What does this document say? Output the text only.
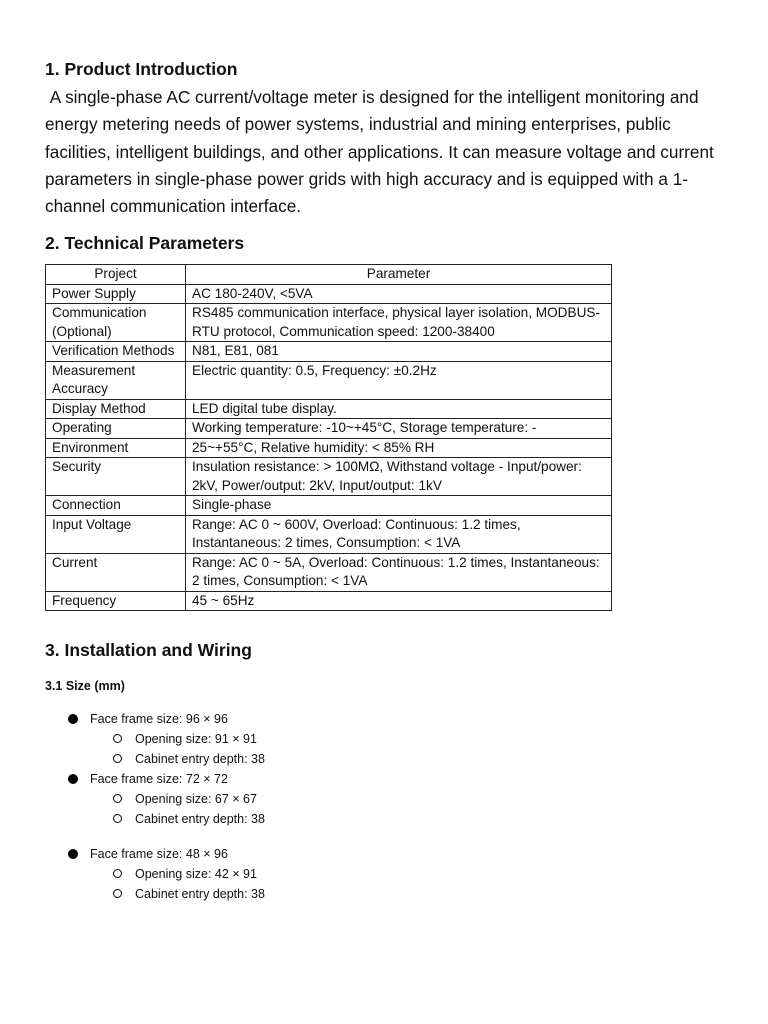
1. Product Introduction

A single-phase AC current/voltage meter is designed for the intelligent monitoring and energy metering needs of power systems, industrial and mining enterprises, public facilities, intelligent buildings, and other applications. It can measure voltage and current parameters in single-phase power grids with high accuracy and is equipped with a 1-channel communication interface.

2. Technical Parameters
Project	Parameter
Power Supply	AC 180-240V, <5VA
Communication (Optional)	RS485 communication interface, physical layer isolation, MODBUS-RTU protocol, Communication speed: 1200-38400
Verification Methods	N81, E81, 081
Measurement Accuracy	Electric quantity: 0.5, Frequency: ±0.2Hz
Display Method	LED digital tube display.
Operating	Working temperature: -10~+45°C, Storage temperature: -
Environment	25~+55°C, Relative humidity: < 85% RH
Security	Insulation resistance: > 100MΩ, Withstand voltage - Input/power: 2kV, Power/output: 2kV, Input/output: 1kV
Connection	Single-phase
Input Voltage	Range: AC 0 ~ 600V, Overload: Continuous: 1.2 times, Instantaneous: 2 times, Consumption: < 1VA
Current	Range: AC 0 ~ 5A, Overload: Continuous: 1.2 times, Instantaneous: 2 times, Consumption: < 1VA
Frequency	45 ~ 65Hz
3. Installation and Wiring
3.1 Size (mm)
Face frame size: 96 × 96
Opening size: 91 × 91
Cabinet entry depth: 38
Face frame size: 72 × 72
Opening size: 67 × 67
Cabinet entry depth: 38
Face frame size: 48 × 96
Opening size: 42 × 91
Cabinet entry depth: 38
